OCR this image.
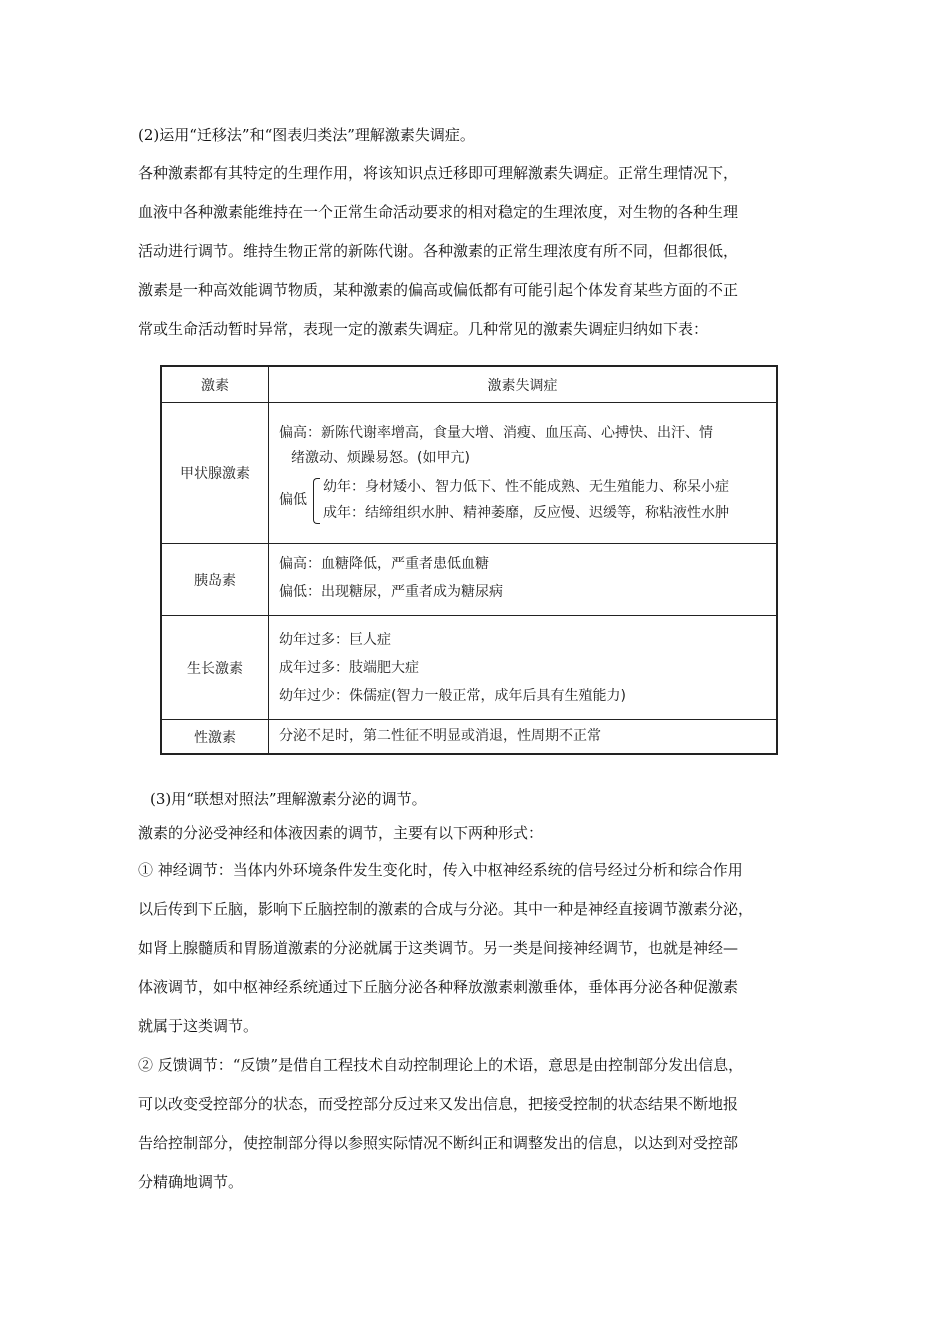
(2)运用“迁移法”和“图表归类法”理解激素失调症。
各种激素都有其特定的生理作用，将该知识点迁移即可理解激素失调症。正常生理情况下，
血液中各种激素能维持在一个正常生命活动要求的相对稳定的生理浓度，对生物的各种生理
活动进行调节。维持生物正常的新陈代谢。各种激素的正常生理浓度有所不同，但都很低，
激素是一种高效能调节物质，某种激素的偏高或偏低都有可能引起个体发育某些方面的不正
常或生命活动暂时异常，表现一定的激素失调症。几种常见的激素失调症归纳如下表：
激素	激素失调症
甲状腺激素
偏高：新陈代谢率增高，食量大增、消瘦、血压高、心搏快、出汗、情
绪激动、烦躁易怒。(如甲亢)
偏低
幼年：身材矮小、智力低下、性不能成熟、无生殖能力、称呆小症
成年：结缔组织水肿、精神萎靡，反应慢、迟缓等，称粘液性水肿
胰岛素
偏高：血糖降低，严重者患低血糖
偏低：出现糖尿，严重者成为糖尿病
生长激素
幼年过多：巨人症
成年过多：肢端肥大症
幼年过少：侏儒症(智力一般正常，成年后具有生殖能力)
性激素	分泌不足时，第二性征不明显或消退，性周期不正常
(3)用“联想对照法”理解激素分泌的调节。
激素的分泌受神经和体液因素的调节，主要有以下两种形式：
① 神经调节：当体内外环境条件发生变化时，传入中枢神经系统的信号经过分析和综合作用
以后传到下丘脑，影响下丘脑控制的激素的合成与分泌。其中一种是神经直接调节激素分泌，
如肾上腺髓质和胃肠道激素的分泌就属于这类调节。另一类是间接神经调节，也就是神经—
体液调节，如中枢神经系统通过下丘脑分泌各种释放激素刺激垂体，垂体再分泌各种促激素
就属于这类调节。
② 反馈调节：“反馈”是借自工程技术自动控制理论上的术语，意思是由控制部分发出信息，
可以改变受控部分的状态，而受控部分反过来又发出信息，把接受控制的状态结果不断地报
告给控制部分，使控制部分得以参照实际情况不断纠正和调整发出的信息，以达到对受控部
分精确地调节。
